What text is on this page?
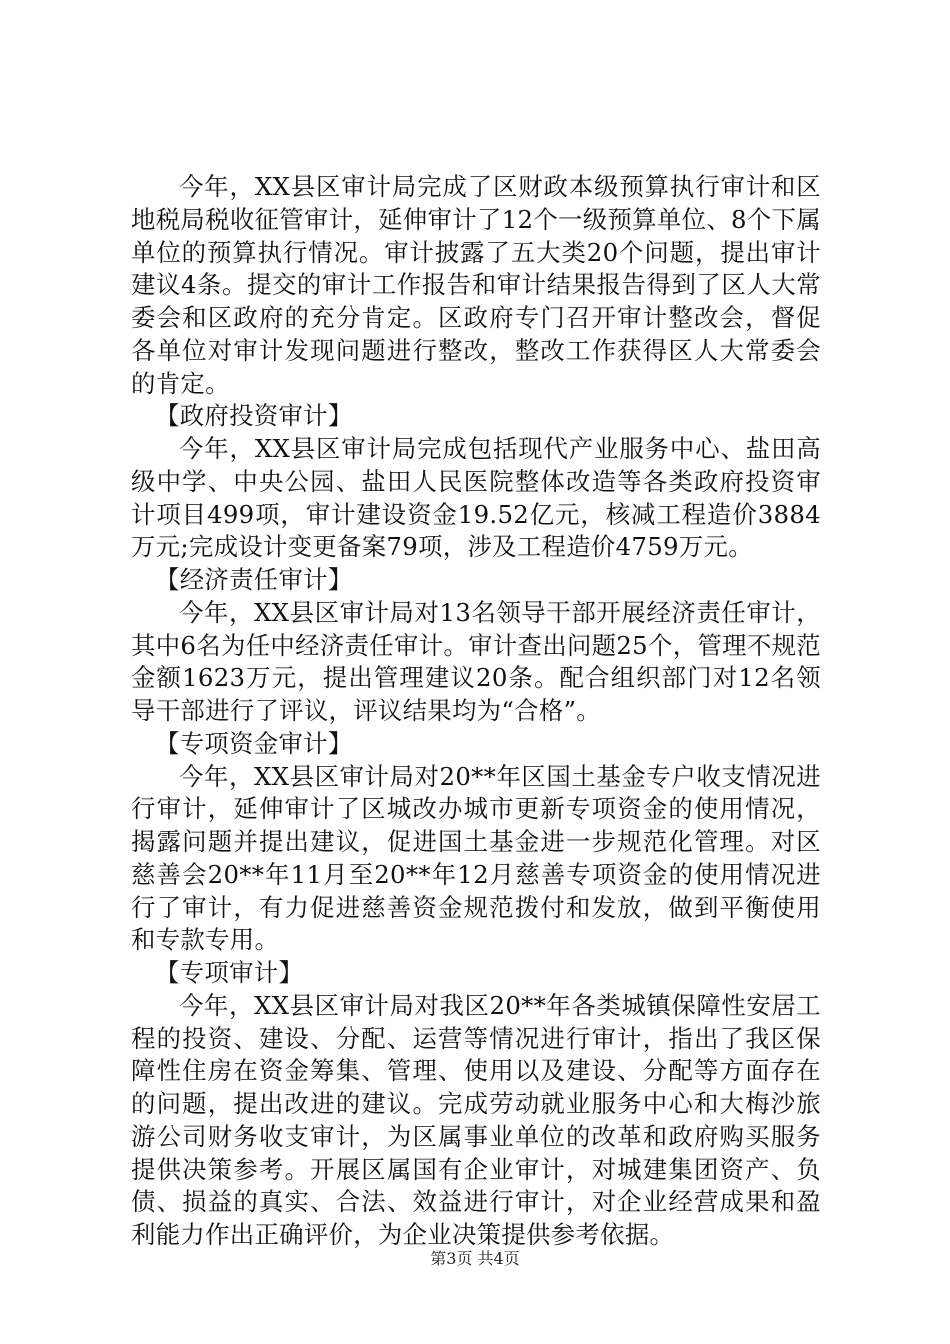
今年，XX县区审计局完成了区财政本级预算执行审计和区地税局税收征管审计，延伸审计了12个一级预算单位、8个下属单位的预算执行情况。审计披露了五大类20个问题，提出审计建议4条。提交的审计工作报告和审计结果报告得到了区人大常委会和区政府的充分肯定。区政府专门召开审计整改会，督促各单位对审计发现问题进行整改，整改工作获得区人大常委会的肯定。

【政府投资审计】

今年，XX县区审计局完成包括现代产业服务中心、盐田高级中学、中央公园、盐田人民医院整体改造等各类政府投资审计项目499项，审计建设资金19.52亿元，核减工程造价3884万元;完成设计变更备案79项，涉及工程造价4759万元。

【经济责任审计】

今年，XX县区审计局对13名领导干部开展经济责任审计，其中6名为任中经济责任审计。审计查出问题25个，管理不规范金额1623万元，提出管理建议20条。配合组织部门对12名领导干部进行了评议，评议结果均为“合格”。

【专项资金审计】

今年，XX县区审计局对20**年区国土基金专户收支情况进行审计，延伸审计了区城改办城市更新专项资金的使用情况，揭露问题并提出建议，促进国土基金进一步规范化管理。对区慈善会20**年11月至20**年12月慈善专项资金的使用情况进行了审计，有力促进慈善资金规范拨付和发放，做到平衡使用和专款专用。

【专项审计】

今年，XX县区审计局对我区20**年各类城镇保障性安居工程的投资、建设、分配、运营等情况进行审计，指出了我区保障性住房在资金筹集、管理、使用以及建设、分配等方面存在的问题，提出改进的建议。完成劳动就业服务中心和大梅沙旅游公司财务收支审计，为区属事业单位的改革和政府购买服务提供决策参考。开展区属国有企业审计，对城建集团资产、负债、损益的真实、合法、效益进行审计，对企业经营成果和盈利能力作出正确评价，为企业决策提供参考依据。

第3页 共4页
